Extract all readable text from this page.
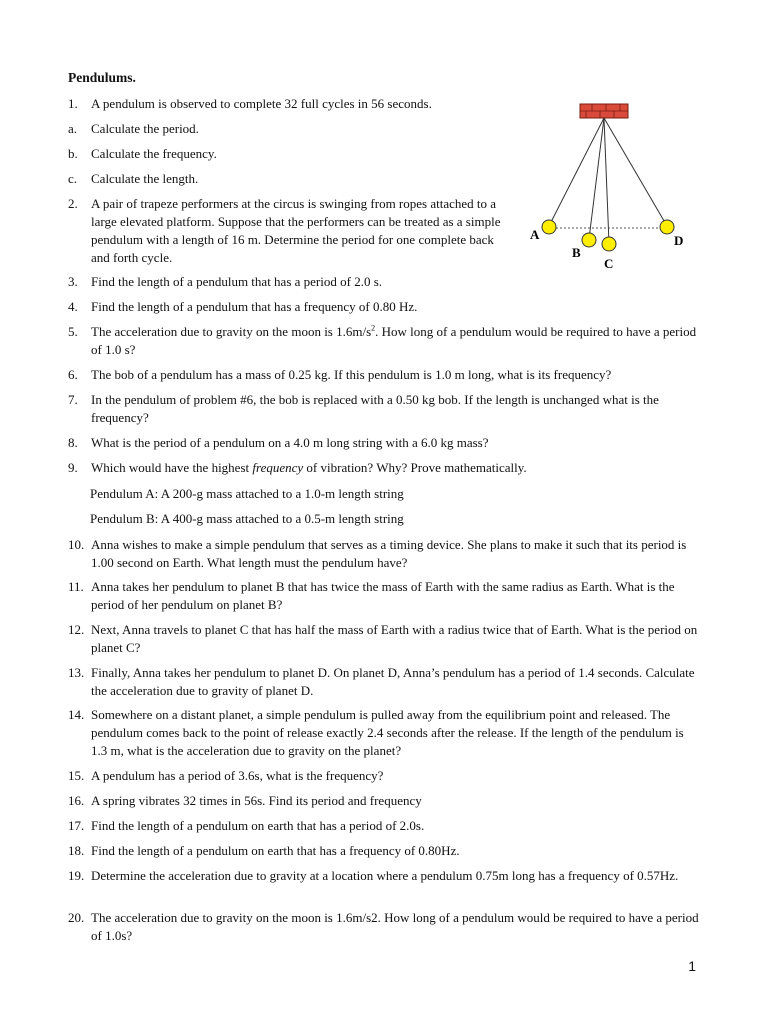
Pendulums.
1. A pendulum is observed to complete 32 full cycles in 56 seconds.
a. Calculate the period.
b. Calculate the frequency.
c. Calculate the length.
2. A pair of trapeze performers at the circus is swinging from ropes attached to a large elevated platform. Suppose that the performers can be treated as a simple pendulum with a length of 16 m. Determine the period for one complete back and forth cycle.
A
B
C
D
3. Find the length of a pendulum that has a period of 2.0 s.
4. Find the length of a pendulum that has a frequency of 0.80 Hz.
5. The acceleration due to gravity on the moon is $1.6m/s^2$. How long of a pendulum would be required to have a period of 1.0 s?
6. The bob of a pendulum has a mass of 0.25 kg. If this pendulum is 1.0 m long, what is its frequency?
7. In the pendulum of problem #6, the bob is replaced with a 0.50 kg bob. If the length is unchanged what is the frequency?
8. What is the period of a pendulum on a 4.0 m long string with a 6.0 kg mass?
9. Which would have the highest frequency of vibration? Why? Prove mathematically.
Pendulum A: A 200-g mass attached to a 1.0-m length string
Pendulum B: A 400-g mass attached to a 0.5-m length string
10. Anna wishes to make a simple pendulum that serves as a timing device. She plans to make it such that its period is 1.00 second on Earth. What length must the pendulum have?
11. Anna takes her pendulum to planet B that has twice the mass of Earth with the same radius as Earth. What is the period of her pendulum on planet B?
12. Next, Anna travels to planet C that has half the mass of Earth with a radius twice that of Earth. What is the period on planet C?
13. Finally, Anna takes her pendulum to planet D. On planet D, Anna’s pendulum has a period of 1.4 seconds. Calculate the acceleration due to gravity of planet D.
14. Somewhere on a distant planet, a simple pendulum is pulled away from the equilibrium point and released. The pendulum comes back to the point of release exactly 2.4 seconds after the release. If the length of the pendulum is 1.3 m, what is the acceleration due to gravity on the planet?
15. A pendulum has a period of 3.6s, what is the frequency?
16. A spring vibrates 32 times in 56s. Find its period and frequency
17. Find the length of a pendulum on earth that has a period of 2.0s.
18. Find the length of a pendulum on earth that has a frequency of 0.80Hz.
19. Determine the acceleration due to gravity at a location where a pendulum 0.75m long has a frequency of 0.57Hz.
20. The acceleration due to gravity on the moon is 1.6m/s2. How long of a pendulum would be required to have a period of 1.0s?
1
